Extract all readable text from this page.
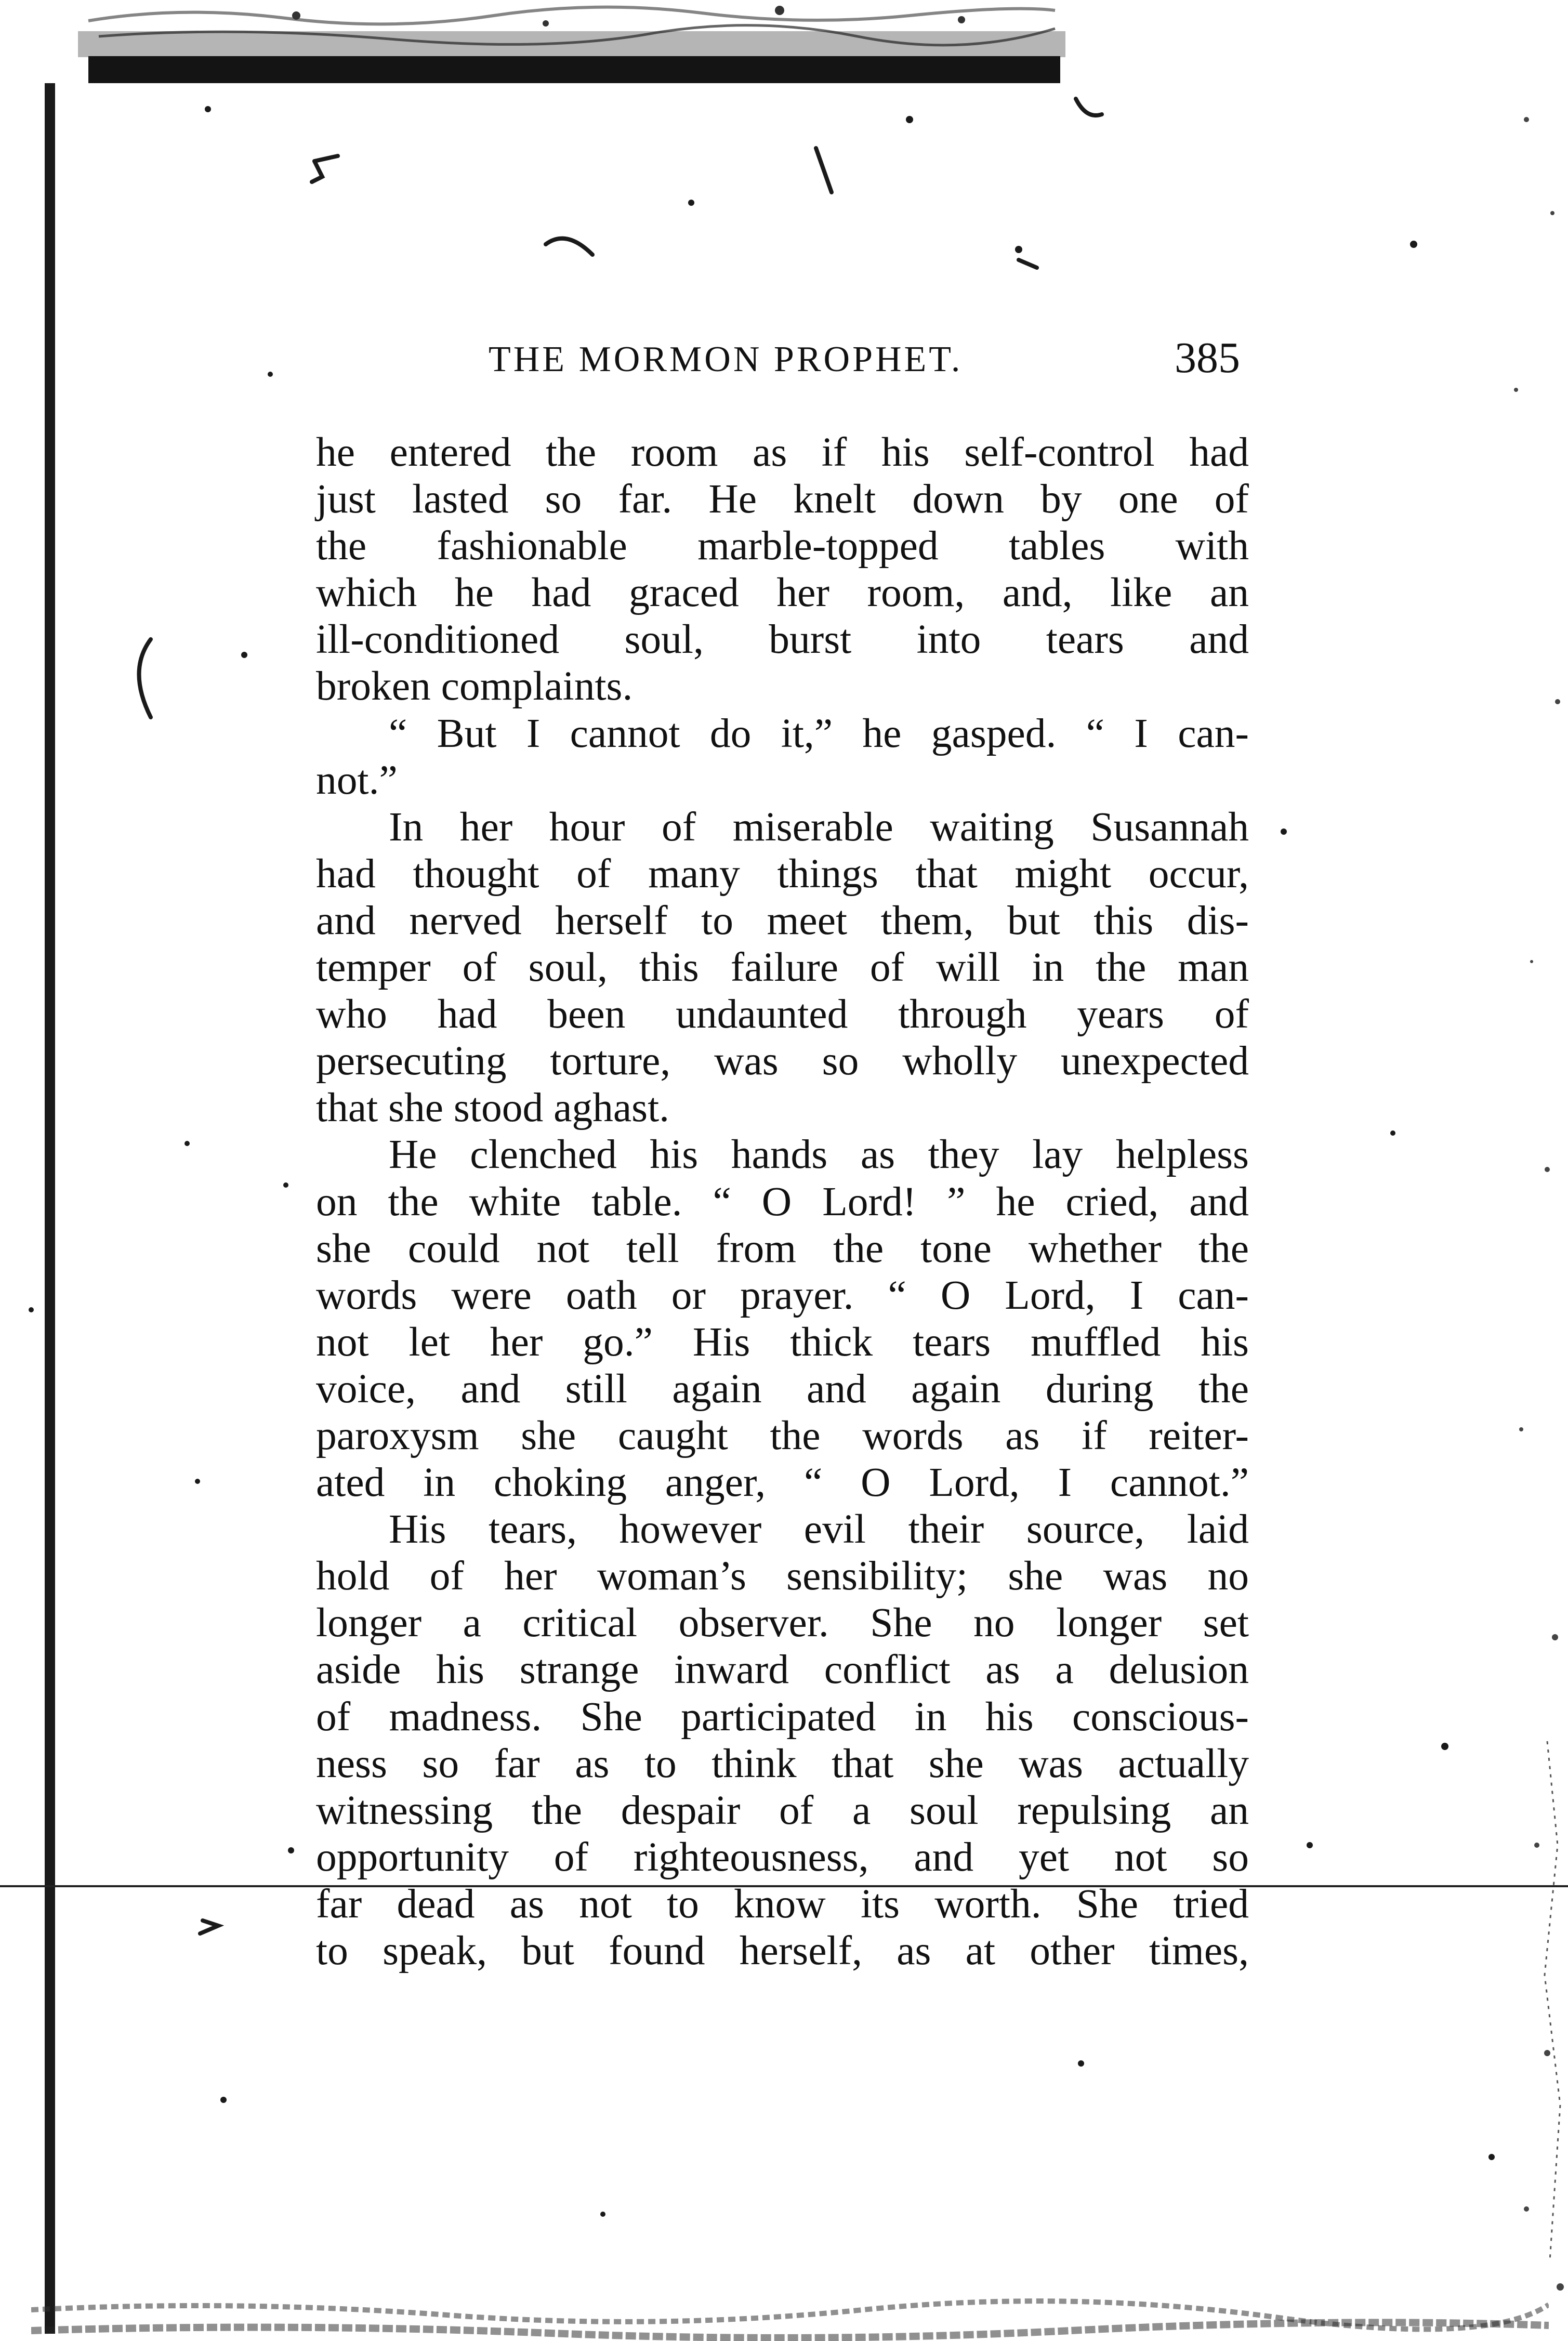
THE MORMON PROPHET.	385

he entered the room as if his self-control had
just lasted so far. He knelt down by one of
the fashionable marble-topped tables with
which he had graced her room, and, like an
ill-conditioned soul, burst into tears and
broken complaints.

“ But I cannot do it,” he gasped. “ I can-
not.”

In her hour of miserable waiting Susannah
had thought of many things that might occur,
and nerved herself to meet them, but this dis-
temper of soul, this failure of will in the man
who had been undaunted through years of
persecuting torture, was so wholly unexpected
that she stood aghast.

He clenched his hands as they lay helpless
on the white table. “ O Lord! ” he cried, and
she could not tell from the tone whether the
words were oath or prayer. “ O Lord, I can-
not let her go.” His thick tears muffled his
voice, and still again and again during the
paroxysm she caught the words as if reiter-
ated in choking anger, “ O Lord, I cannot.”

His tears, however evil their source, laid
hold of her woman’s sensibility; she was no
longer a critical observer. She no longer set
aside his strange inward conflict as a delusion
of madness. She participated in his conscious-
ness so far as to think that she was actually
witnessing the despair of a soul repulsing an
opportunity of righteousness, and yet not so
far dead as not to know its worth. She tried
to speak, but found herself, as at other times,
